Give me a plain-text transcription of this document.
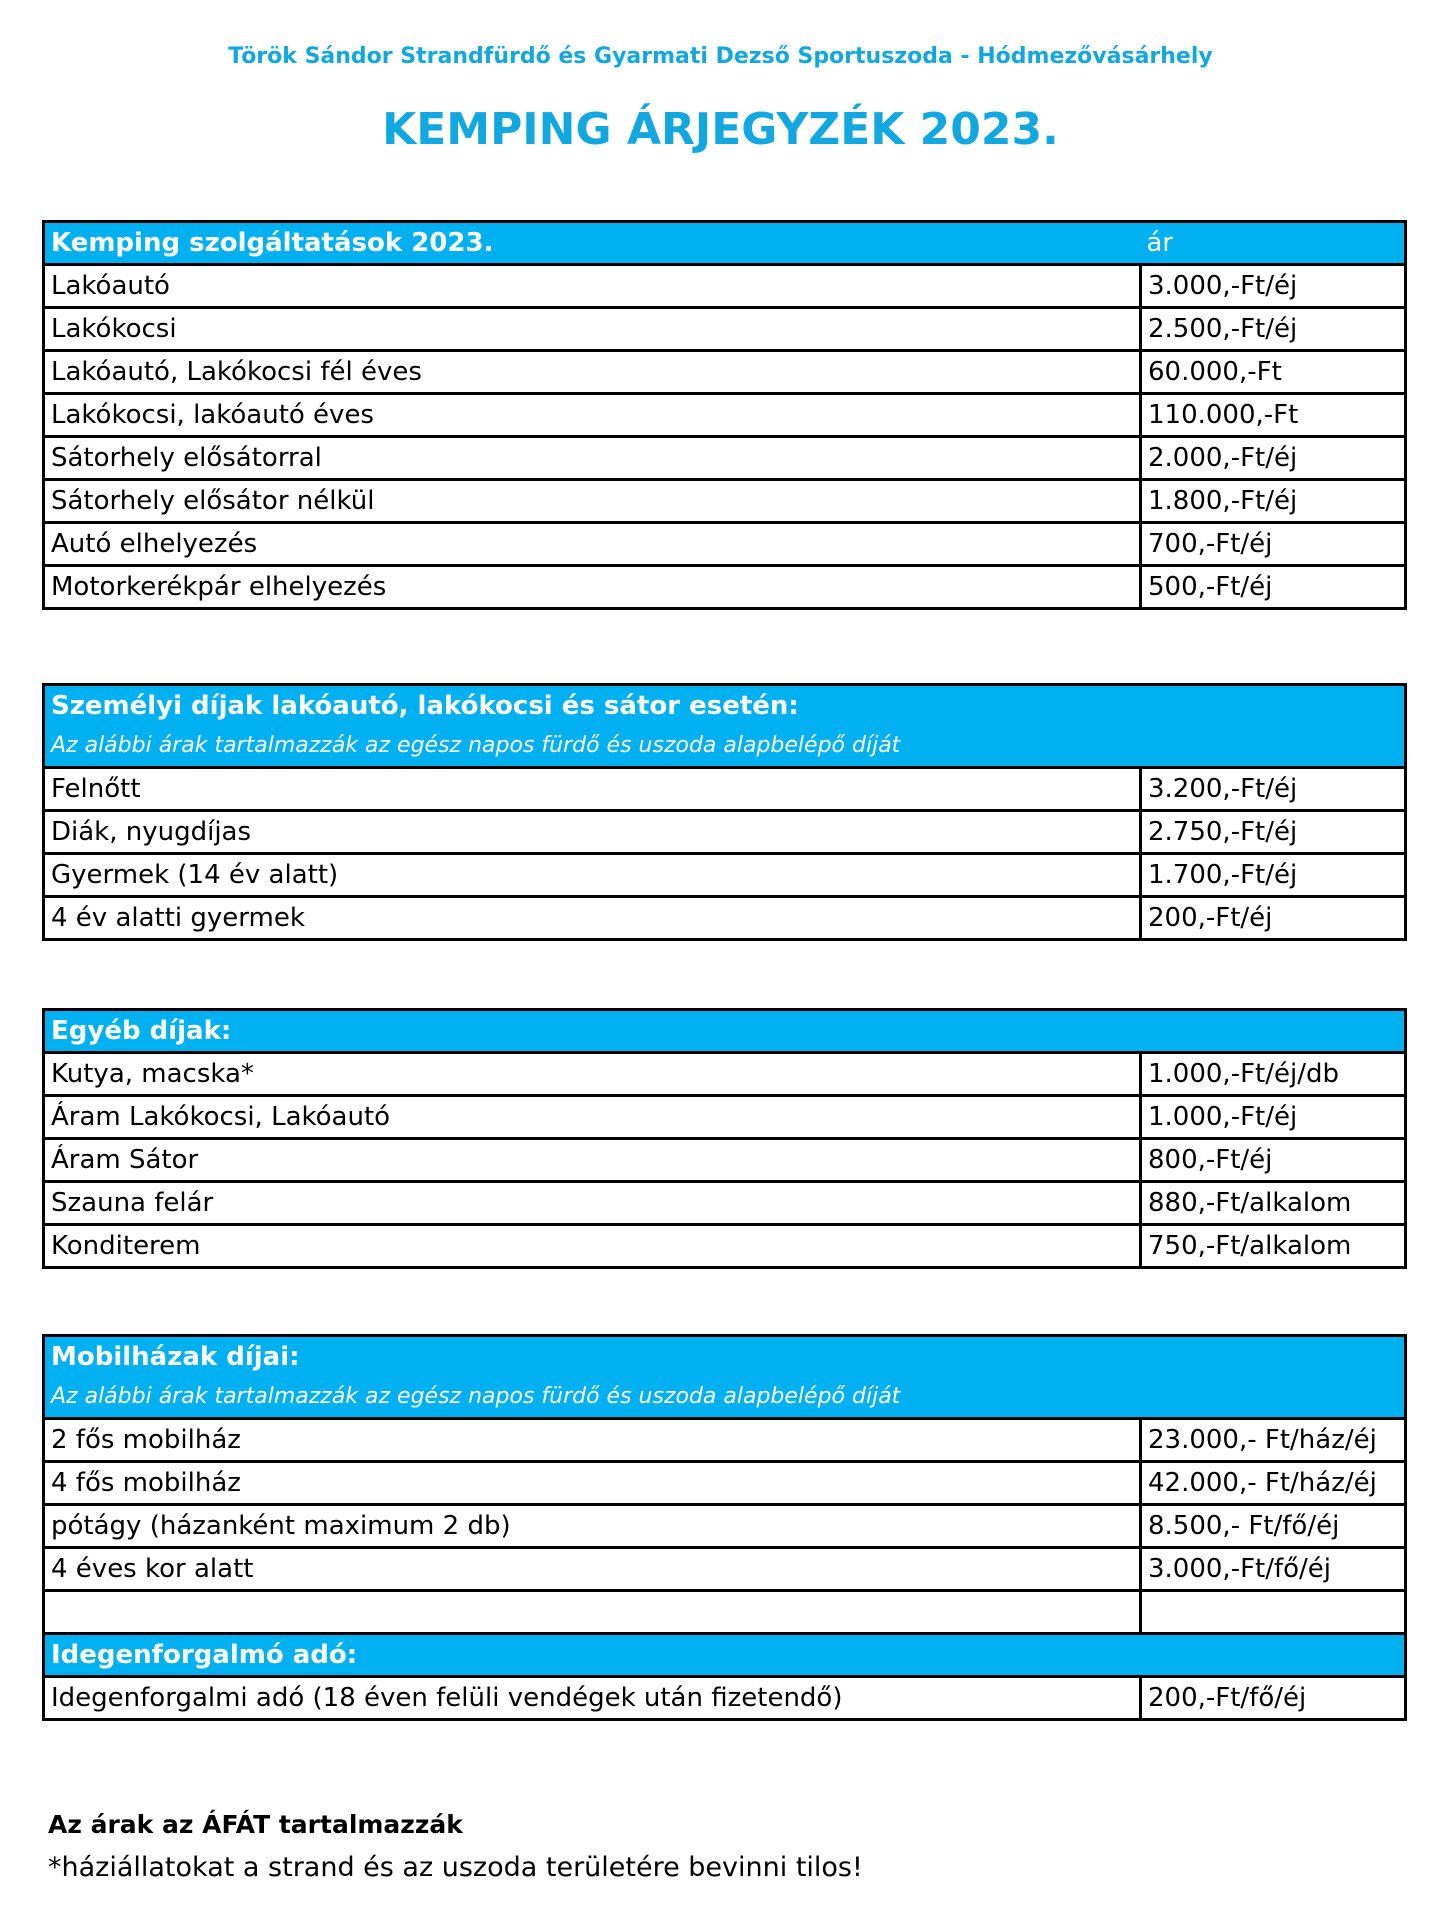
Török Sándor Strandfürdő és Gyarmati Dezső Sportuszoda - Hódmezővásárhely
KEMPING ÁRJEGYZÉK 2023.
Kemping szolgáltatások 2023.	ár
Lakóautó	3.000,-Ft/éj
Lakókocsi	2.500,-Ft/éj
Lakóautó, Lakókocsi fél éves	60.000,-Ft
Lakókocsi, lakóautó éves	110.000,-Ft
Sátorhely elősátorral	2.000,-Ft/éj
Sátorhely elősátor nélkül	1.800,-Ft/éj
Autó elhelyezés	700,-Ft/éj
Motorkerékpár elhelyezés	500,-Ft/éj
Személyi díjak lakóautó, lakókocsi és sátor esetén:	
Az alábbi árak tartalmazzák az egész napos fürdő és uszoda alapbelépő díját	
Felnőtt	3.200,-Ft/éj
Diák, nyugdíjas	2.750,-Ft/éj
Gyermek (14 év alatt)	1.700,-Ft/éj
4 év alatti gyermek	200,-Ft/éj
Egyéb díjak:	
Kutya, macska*	1.000,-Ft/éj/db
Áram Lakókocsi, Lakóautó	1.000,-Ft/éj
Áram Sátor	800,-Ft/éj
Szauna felár	880,-Ft/alkalom
Konditerem	750,-Ft/alkalom
Mobilházak díjai:	
Az alábbi árak tartalmazzák az egész napos fürdő és uszoda alapbelépő díját	
2 fős mobilház	23.000,- Ft/ház/éj
4 fős mobilház	42.000,- Ft/ház/éj
pótágy (házanként maximum 2 db)	8.500,- Ft/fő/éj
4 éves kor alatt	3.000,-Ft/fő/éj

Idegenforgalmó adó:	
Idegenforgalmi adó (18 éven felüli vendégek után fizetendő)	200,-Ft/fő/éj
Az árak az ÁFÁT tartalmazzák
*háziállatokat a strand és az uszoda területére bevinni tilos!
